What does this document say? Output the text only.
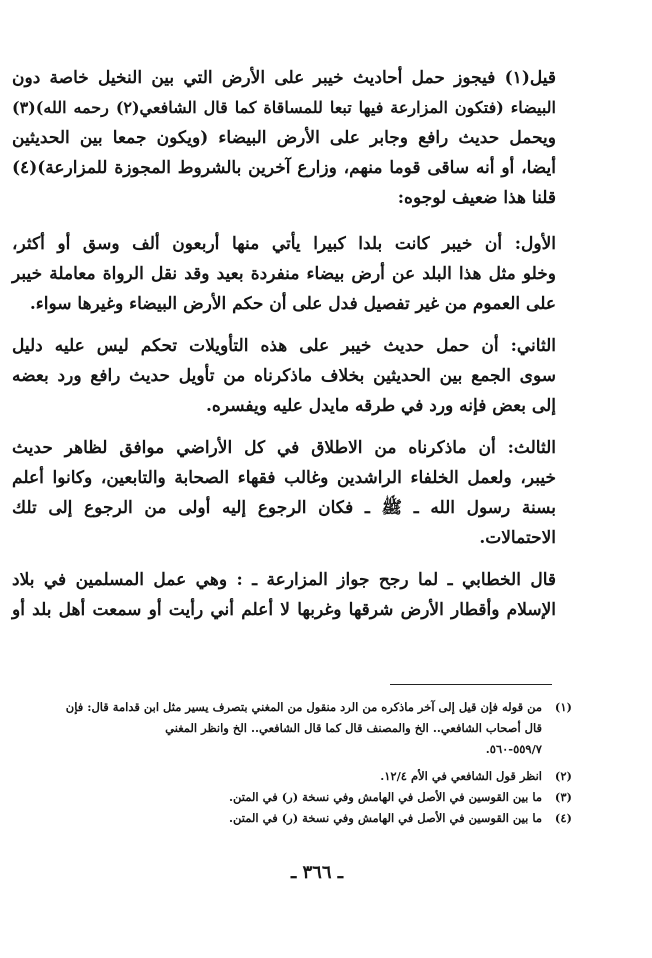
قيل(١) فيجوز حمل أحاديث خيبر على الأرض التي بين النخيل خاصة دون
البيضاء (فتكون المزارعة فيها تبعا للمساقاة كما قال الشافعي(٢) رحمه الله)(٣)
ويحمل حديث رافع وجابر على الأرض البيضاء (ويكون جمعا بين الحديثين
أيضا، أو أنه ساقى قوما منهم، وزارع آخرين بالشروط المجوزة للمزارعة)(٤)
قلنا هذا ضعيف لوجوه:
الأول: أن خيبر كانت بلدا كبيرا يأتي منها أربعون ألف وسق أو أكثر،
وخلو مثل هذا البلد عن أرض بيضاء منفردة بعيد وقد نقل الرواة معاملة خيبر
على العموم من غير تفصيل فدل على أن حكم الأرض البيضاء وغيرها سواء.
الثاني: أن حمل حديث خيبر على هذه التأويلات تحكم ليس عليه دليل
سوى الجمع بين الحديثين بخلاف ماذكرناه من تأويل حديث رافع ورد بعضه
إلى بعض فإنه ورد في طرقه مايدل عليه ويفسره.
الثالث: أن ماذكرناه من الاطلاق في كل الأراضي موافق لظاهر حديث
خيبر، ولعمل الخلفاء الراشدين وغالب فقهاء الصحابة والتابعين، وكانوا أعلم
بسنة رسول الله ـ ﷺ ـ فكان الرجوع إليه أولى من الرجوع إلى تلك
الاحتمالات.
قال الخطابي ـ لما رجح جواز المزارعة ـ : وهي عمل المسلمين في بلاد
الإسلام وأقطار الأرض شرقها وغربها لا أعلم أني رأيت أو سمعت أهل بلد أو
(١)
من قوله فإن قيل إلى آخر ماذكره من الرد منقول من المغني بتصرف يسير مثل ابن قدامة قال: فإن
قال أصحاب الشافعي.. الخ والمصنف قال كما قال الشافعي.. الخ وانظر المغني
٥٥٩/٧-٥٦٠.
(٢)
انظر قول الشافعي في الأم ١٢/٤.
(٣)
ما بين القوسين في الأصل في الهامش وفي نسخة (ر) في المتن.
(٤)
ما بين القوسين في الأصل في الهامش وفي نسخة (ر) في المتن.
ـ ٣٦٦ ـ
